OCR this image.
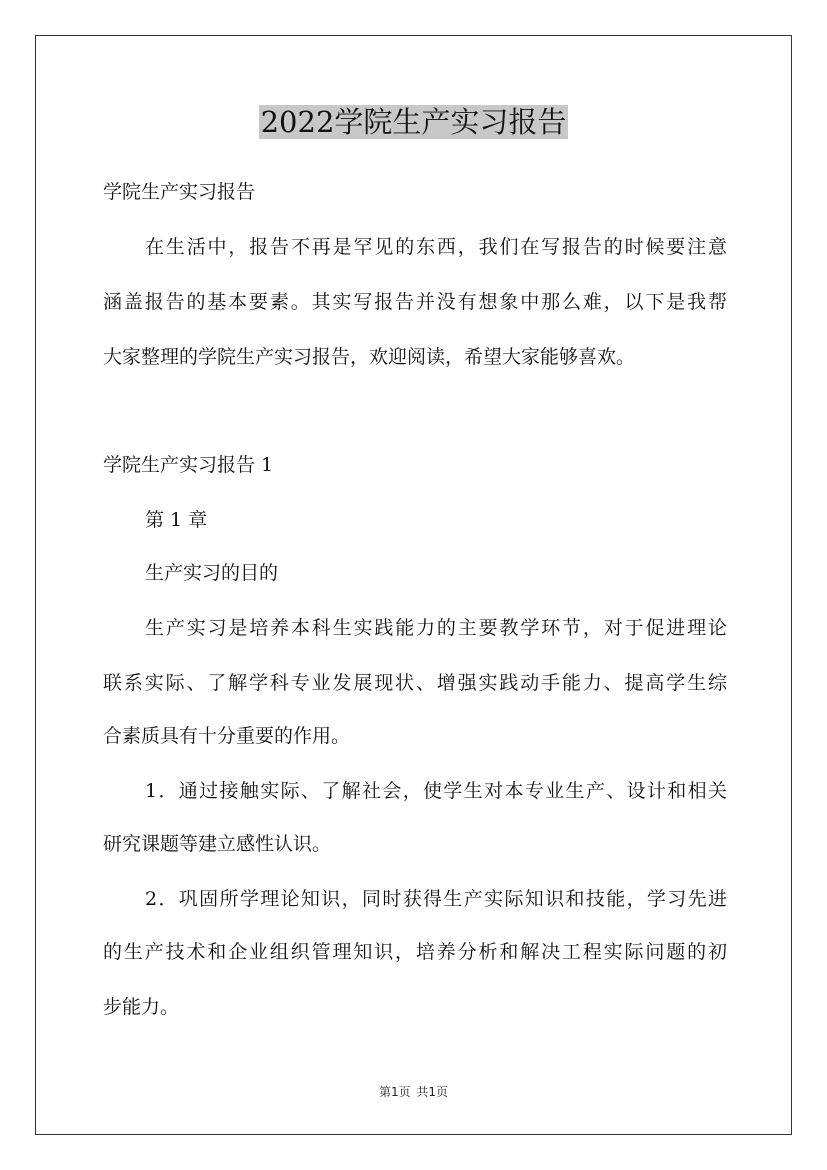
2022学院生产实习报告

学院生产实习报告

在生活中，报告不再是罕见的东西，我们在写报告的时候要注意

涵盖报告的基本要素。其实写报告并没有想象中那么难，以下是我帮

大家整理的学院生产实习报告，欢迎阅读，希望大家能够喜欢。

学院生产实习报告 1

第 1 章

生产实习的目的

生产实习是培养本科生实践能力的主要教学环节，对于促进理论

联系实际、了解学科专业发展现状、增强实践动手能力、提高学生综

合素质具有十分重要的作用。

1．通过接触实际、了解社会，使学生对本专业生产、设计和相关

研究课题等建立感性认识。

2．巩固所学理论知识，同时获得生产实际知识和技能，学习先进

的生产技术和企业组织管理知识，培养分析和解决工程实际问题的初

步能力。

第1页 共1页
